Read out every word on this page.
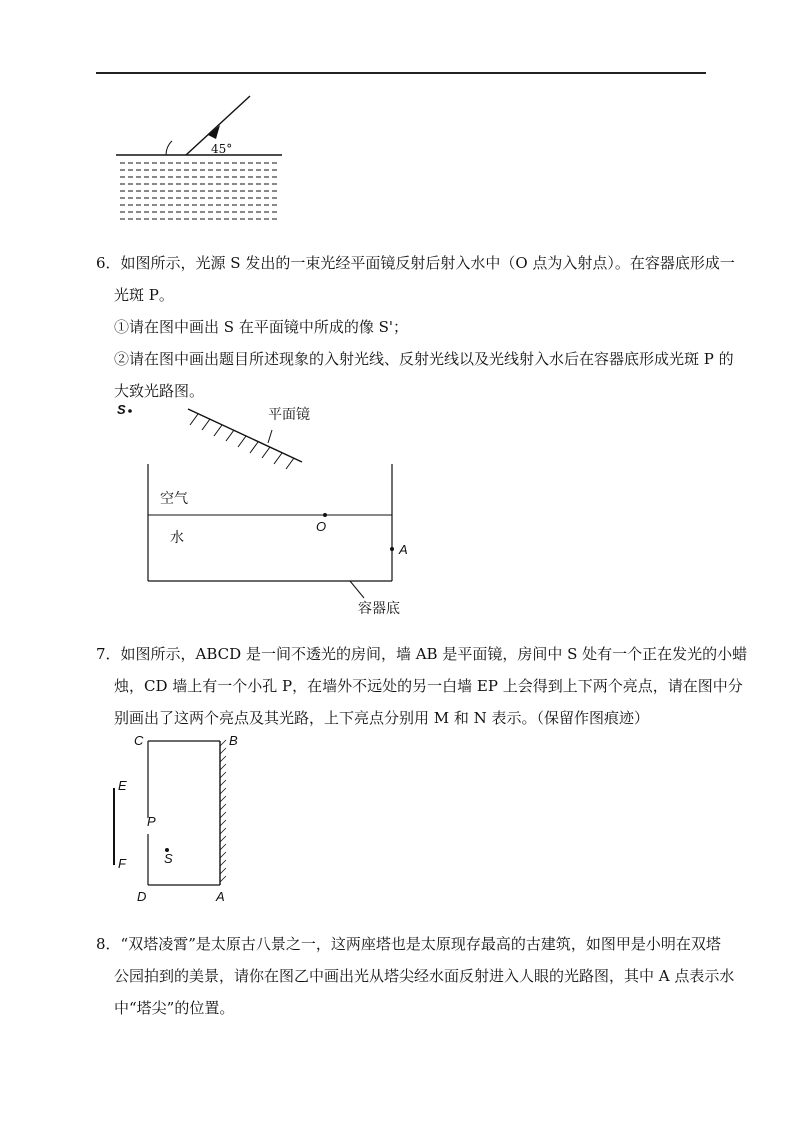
45°
6．如图所示，光源 S 发出的一束光经平面镜反射后射入水中（O 点为入射点）。在容器底形成一
光斑 P。
①请在图中画出 S 在平面镜中所成的像 S'；
②请在图中画出题目所述现象的入射光线、反射光线以及光线射入水后在容器底形成光斑 P 的
大致光路图。
S	平面镜
空气
水
O
A
容器底
7．如图所示，ABCD 是一间不透光的房间，墙 AB 是平面镜，房间中 S 处有一个正在发光的小蜡
烛，CD 墙上有一个小孔 P，在墙外不远处的另一白墙 EP 上会得到上下两个亮点，请在图中分
别画出了这两个亮点及其光路，上下亮点分别用 M 和 N 表示。（保留作图痕迹）
C	B
E
P
S
F
D	A
8．“双塔凌霄”是太原古八景之一，这两座塔也是太原现存最高的古建筑，如图甲是小明在双塔
公园拍到的美景，请你在图乙中画出光从塔尖经水面反射进入人眼的光路图，其中 A 点表示水
中“塔尖”的位置。
